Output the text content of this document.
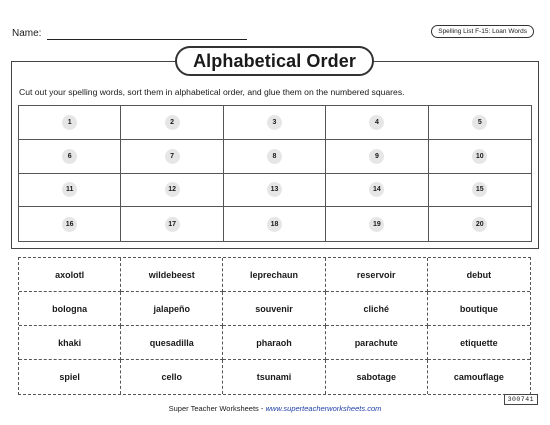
Name:	Spelling List F-15: Loan Words
Alphabetical Order
Cut out your spelling words, sort them in alphabetical order, and glue them on the numbered squares.
1	2	3	4	5
6	7	8	9	10
11	12	13	14	15
16	17	18	19	20
axolotl	wildebeest	leprechaun	reservoir	debut
bologna	jalapeño	souvenir	cliché	boutique
khaki	quesadilla	pharaoh	parachute	etiquette
spiel	cello	tsunami	sabotage	camouflage
Super Teacher Worksheets - www.superteacherworksheets.com
300741
